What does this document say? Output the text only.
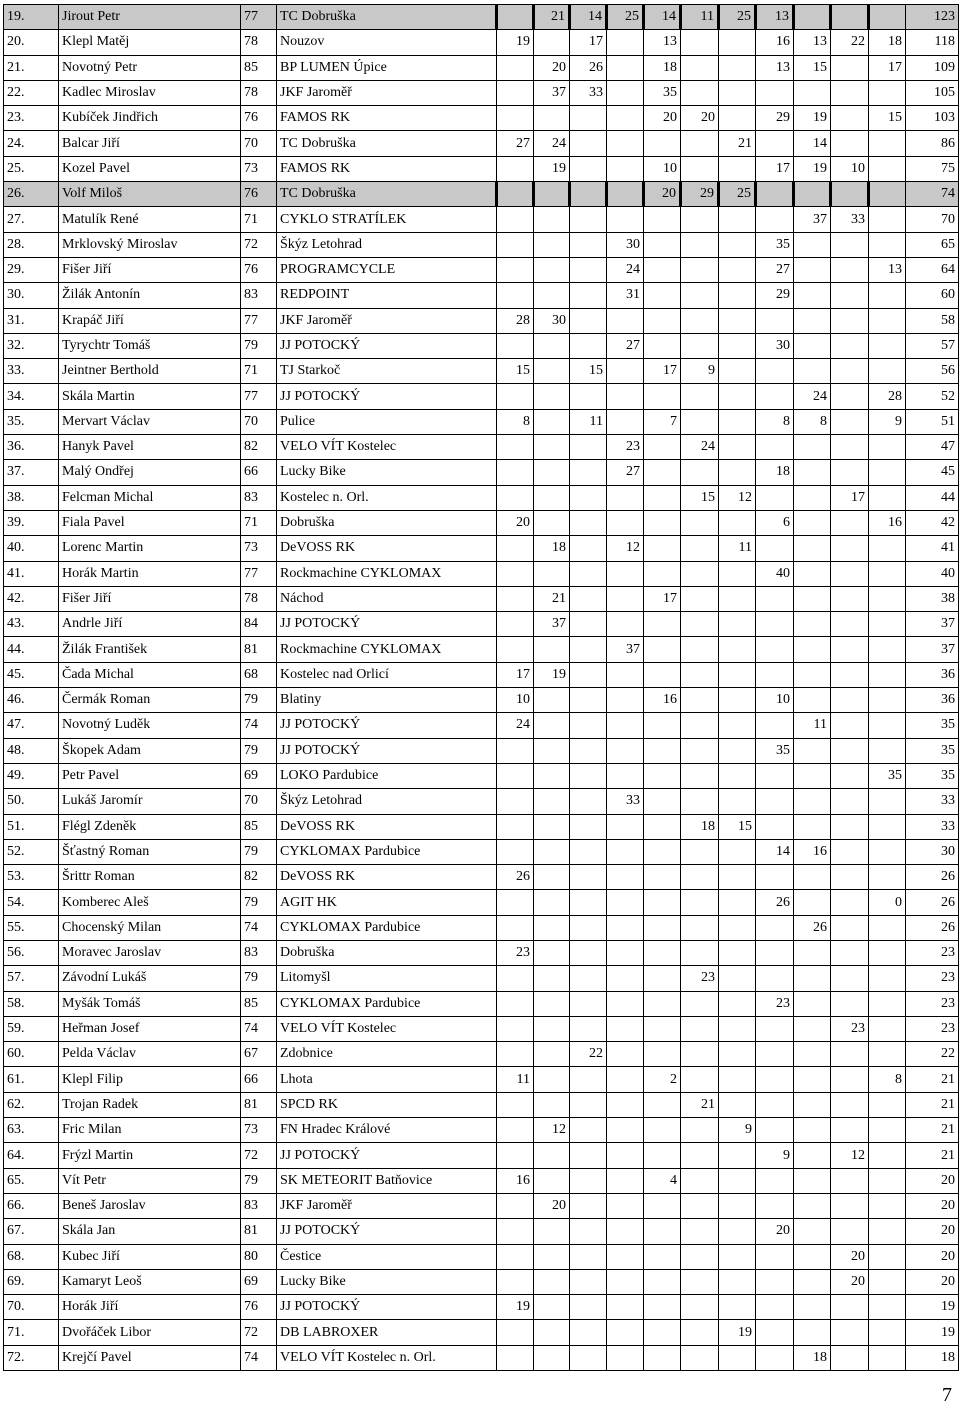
19.	Jirout Petr	77	TC Dobruška		21	14	25	14	11	25	13				123
20.	Klepl Matěj	78	Nouzov	19		17		13			16	13	22	18	118
21.	Novotný Petr	85	BP LUMEN Úpice		20	26		18			13	15		17	109
22.	Kadlec Miroslav	78	JKF Jaroměř		37	33		35							105
23.	Kubíček Jindřich	76	FAMOS RK					20	20		29	19		15	103
24.	Balcar Jiří	70	TC Dobruška	27	24					21		14			86
25.	Kozel Pavel	73	FAMOS RK		19			10			17	19	10		75
26.	Volf Miloš	76	TC Dobruška					20	29	25					74
27.	Matulík René	71	CYKLO STRATÍLEK									37	33		70
28.	Mrklovský Miroslav	72	Škýz Letohrad				30				35				65
29.	Fišer Jiří	76	PROGRAMCYCLE				24				27			13	64
30.	Žilák Antonín	83	REDPOINT				31				29				60
31.	Krapáč Jiří	77	JKF Jaroměř	28	30										58
32.	Tyrychtr Tomáš	79	JJ POTOCKÝ				27				30				57
33.	Jeintner Berthold	71	TJ Starkoč	15		15		17	9						56
34.	Skála Martin	77	JJ POTOCKÝ									24		28	52
35.	Mervart Václav	70	Pulice	8		11		7			8	8		9	51
36.	Hanyk Pavel	82	VELO VÍT Kostelec				23		24						47
37.	Malý Ondřej	66	Lucky Bike				27				18				45
38.	Felcman Michal	83	Kostelec n. Orl.						15	12			17		44
39.	Fiala Pavel	71	Dobruška	20							6			16	42
40.	Lorenc Martin	73	DeVOSS RK		18		12			11					41
41.	Horák Martin	77	Rockmachine CYKLOMAX								40				40
42.	Fišer Jiří	78	Náchod		21			17							38
43.	Andrle Jiří	84	JJ POTOCKÝ		37										37
44.	Žilák František	81	Rockmachine CYKLOMAX				37								37
45.	Čada Michal	68	Kostelec nad Orlicí	17	19										36
46.	Čermák Roman	79	Blatiny	10				16			10				36
47.	Novotný Luděk	74	JJ POTOCKÝ	24								11			35
48.	Škopek Adam	79	JJ POTOCKÝ								35				35
49.	Petr Pavel	69	LOKO Pardubice											35	35
50.	Lukáš Jaromír	70	Škýz Letohrad				33								33
51.	Flégl Zdeněk	85	DeVOSS RK						18	15					33
52.	Šťastný Roman	79	CYKLOMAX Pardubice								14	16			30
53.	Šrittr Roman	82	DeVOSS RK	26											26
54.	Komberec Aleš	79	AGIT HK								26			0	26
55.	Chocenský Milan	74	CYKLOMAX Pardubice									26			26
56.	Moravec Jaroslav	83	Dobruška	23											23
57.	Závodní Lukáš	79	Litomyšl						23						23
58.	Myšák Tomáš	85	CYKLOMAX Pardubice								23				23
59.	Heřman Josef	74	VELO VÍT Kostelec										23		23
60.	Pelda Václav	67	Zdobnice			22									22
61.	Klepl Filip	66	Lhota	11				2						8	21
62.	Trojan Radek	81	SPCD RK						21						21
63.	Fric Milan	73	FN Hradec Králové		12					9					21
64.	Frýzl Martin	72	JJ POTOCKÝ								9		12		21
65.	Vít Petr	79	SK METEORIT Batňovice	16				4							20
66.	Beneš Jaroslav	83	JKF Jaroměř		20										20
67.	Skála Jan	81	JJ POTOCKÝ								20				20
68.	Kubec Jiří	80	Čestice										20		20
69.	Kamaryt Leoš	69	Lucky Bike										20		20
70.	Horák Jiří	76	JJ POTOCKÝ	19											19
71.	Dvořáček Libor	72	DB LABROXER							19					19
72.	Krejčí Pavel	74	VELO VÍT Kostelec n. Orl.									18			18
7
